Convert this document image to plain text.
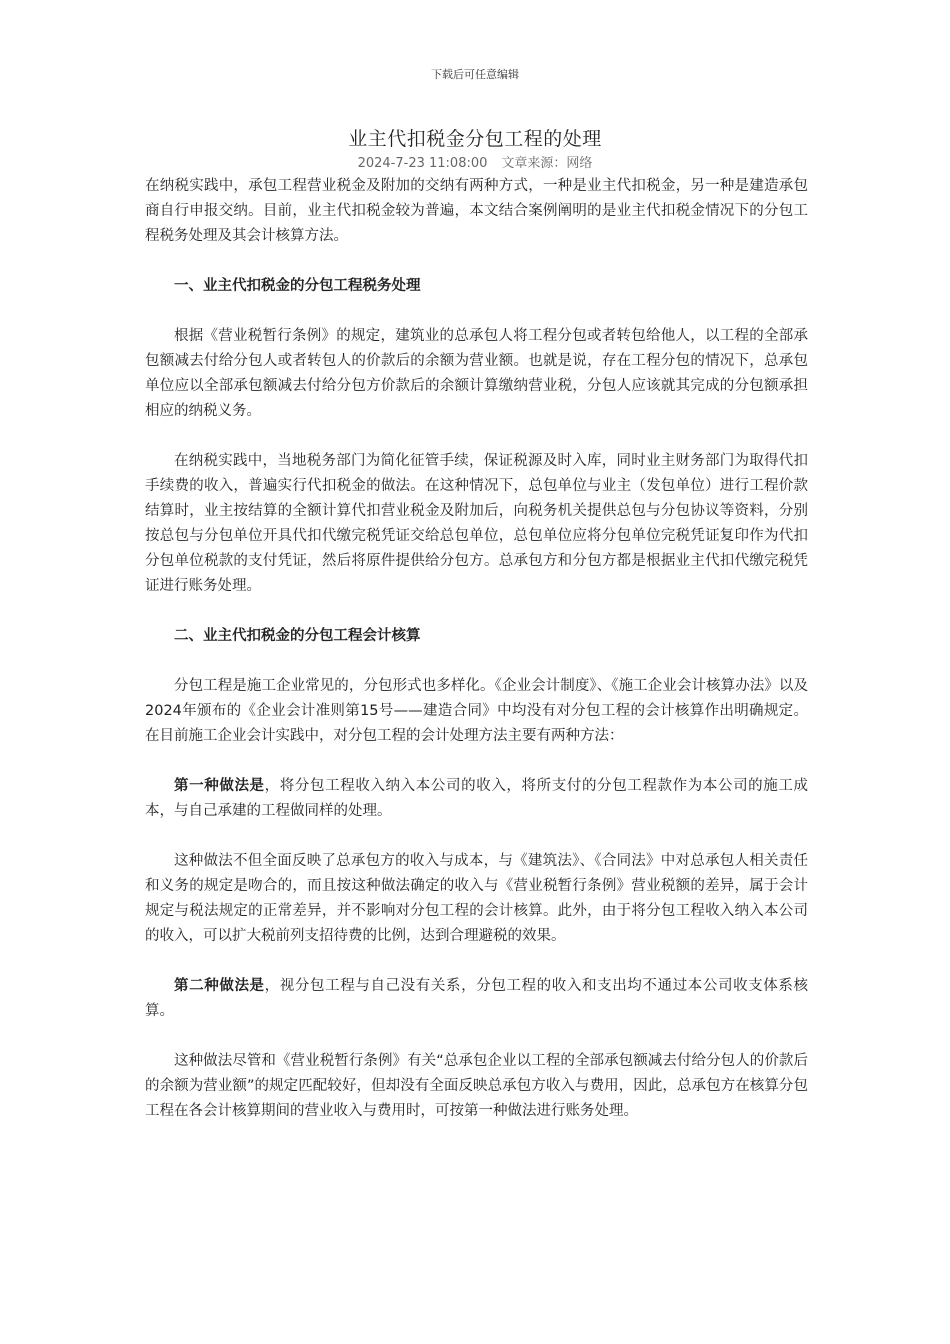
下载后可任意编辑
业主代扣税金分包工程的处理
2024-7-23 11:08:00 文章来源：网络

在纳税实践中，承包工程营业税金及附加的交纳有两种方式，一种是业主代扣税金，另一种是建造承包商自行申报交纳。目前，业主代扣税金较为普遍，本文结合案例阐明的是业主代扣税金情况下的分包工程税务处理及其会计核算方法。

一、业主代扣税金的分包工程税务处理

根据《营业税暂行条例》的规定，建筑业的总承包人将工程分包或者转包给他人，以工程的全部承包额减去付给分包人或者转包人的价款后的余额为营业额。也就是说，存在工程分包的情况下，总承包单位应以全部承包额减去付给分包方价款后的余额计算缴纳营业税，分包人应该就其完成的分包额承担相应的纳税义务。

在纳税实践中，当地税务部门为简化征管手续，保证税源及时入库，同时业主财务部门为取得代扣手续费的收入，普遍实行代扣税金的做法。在这种情况下，总包单位与业主（发包单位）进行工程价款结算时，业主按结算的全额计算代扣营业税金及附加后，向税务机关提供总包与分包协议等资料，分别按总包与分包单位开具代扣代缴完税凭证交给总包单位，总包单位应将分包单位完税凭证复印作为代扣分包单位税款的支付凭证，然后将原件提供给分包方。总承包方和分包方都是根据业主代扣代缴完税凭证进行账务处理。

二、业主代扣税金的分包工程会计核算

分包工程是施工企业常见的，分包形式也多样化。《企业会计制度》、《施工企业会计核算办法》以及2024年颁布的《企业会计准则第15号——建造合同》中均没有对分包工程的会计核算作出明确规定。在目前施工企业会计实践中，对分包工程的会计处理方法主要有两种方法：

第一种做法是，将分包工程收入纳入本公司的收入，将所支付的分包工程款作为本公司的施工成本，与自己承建的工程做同样的处理。

这种做法不但全面反映了总承包方的收入与成本，与《建筑法》、《合同法》中对总承包人相关责任和义务的规定是吻合的，而且按这种做法确定的收入与《营业税暂行条例》营业税额的差异，属于会计规定与税法规定的正常差异，并不影响对分包工程的会计核算。此外，由于将分包工程收入纳入本公司的收入，可以扩大税前列支招待费的比例，达到合理避税的效果。

第二种做法是，视分包工程与自己没有关系，分包工程的收入和支出均不通过本公司收支体系核算。

这种做法尽管和《营业税暂行条例》有关“总承包企业以工程的全部承包额减去付给分包人的价款后的余额为营业额”的规定匹配较好，但却没有全面反映总承包方收入与费用，因此，总承包方在核算分包工程在各会计核算期间的营业收入与费用时，可按第一种做法进行账务处理。
